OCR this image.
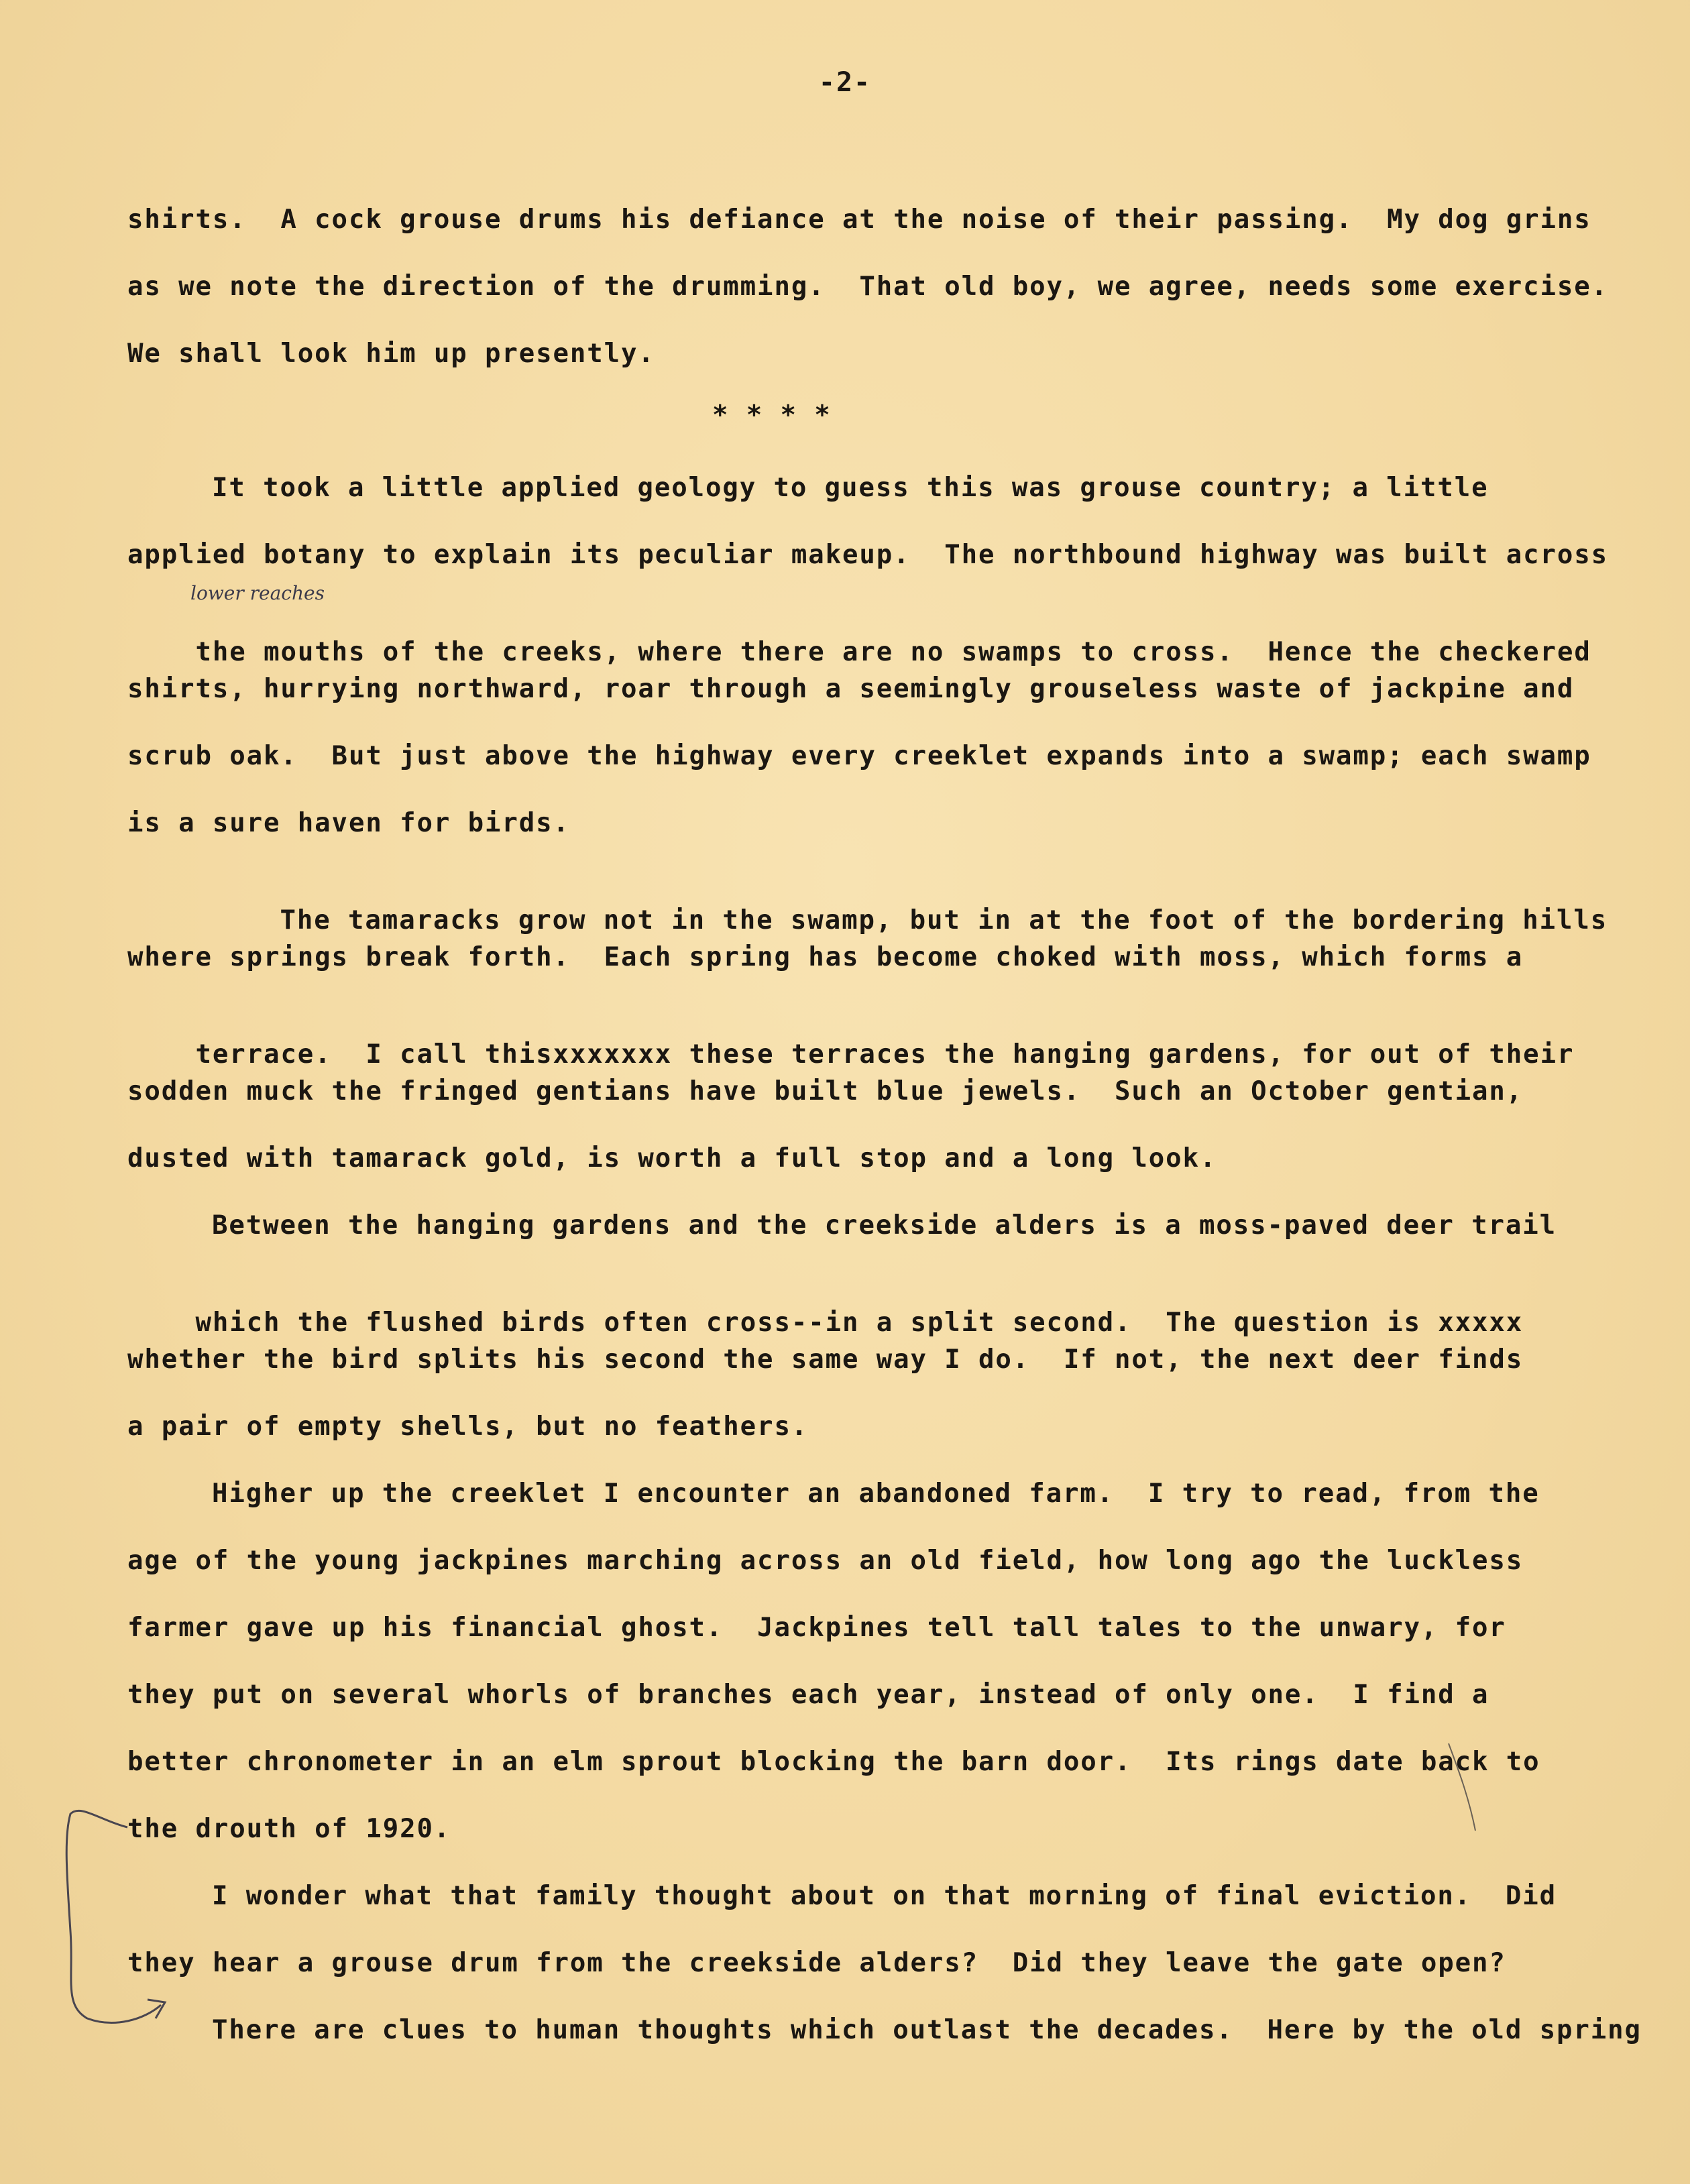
-2-
shirts.  A cock grouse drums his defiance at the noise of their passing.  My dog grins
as we note the direction of the drumming.  That old boy, we agree, needs some exercise.
We shall look him up presently.
* * * *
It took a little applied geology to guess this was grouse country; a little
applied botany to explain its peculiar makeup.  The northbound highway was built across
lower reaches

the mouths of the creeks, where there are no swamps to cross.  Hence the checkered

shirts, hurrying northward, roar through a seemingly grouseless waste of jackpine and
scrub oak.  But just above the highway every creeklet expands into a swamp; each swamp
is a sure haven for birds.

The tamaracks grow not in the swamp, but in at the foot of the bordering hills

where springs break forth.  Each spring has become choked with moss, which forms a

terrace.  I call thisxxxxxxx these terraces the hanging gardens, for out of their

sodden muck the fringed gentians have built blue jewels.  Such an October gentian,
dusted with tamarack gold, is worth a full stop and a long look.
Between the hanging gardens and the creekside alders is a moss-paved deer trail

which the flushed birds often cross--in a split second.  The question is xxxxx

whether the bird splits his second the same way I do.  If not, the next deer finds
a pair of empty shells, but no feathers.
Higher up the creeklet I encounter an abandoned farm.  I try to read, from the
age of the young jackpines marching across an old field, how long ago the luckless
farmer gave up his financial ghost.  Jackpines tell tall tales to the unwary, for
they put on several whorls of branches each year, instead of only one.  I find a
better chronometer in an elm sprout blocking the barn door.  Its rings date back to
the drouth of 1920.
I wonder what that family thought about on that morning of final eviction.  Did
they hear a grouse drum from the creekside alders?  Did they leave the gate open?
There are clues to human thoughts which outlast the decades.  Here by the old spring
